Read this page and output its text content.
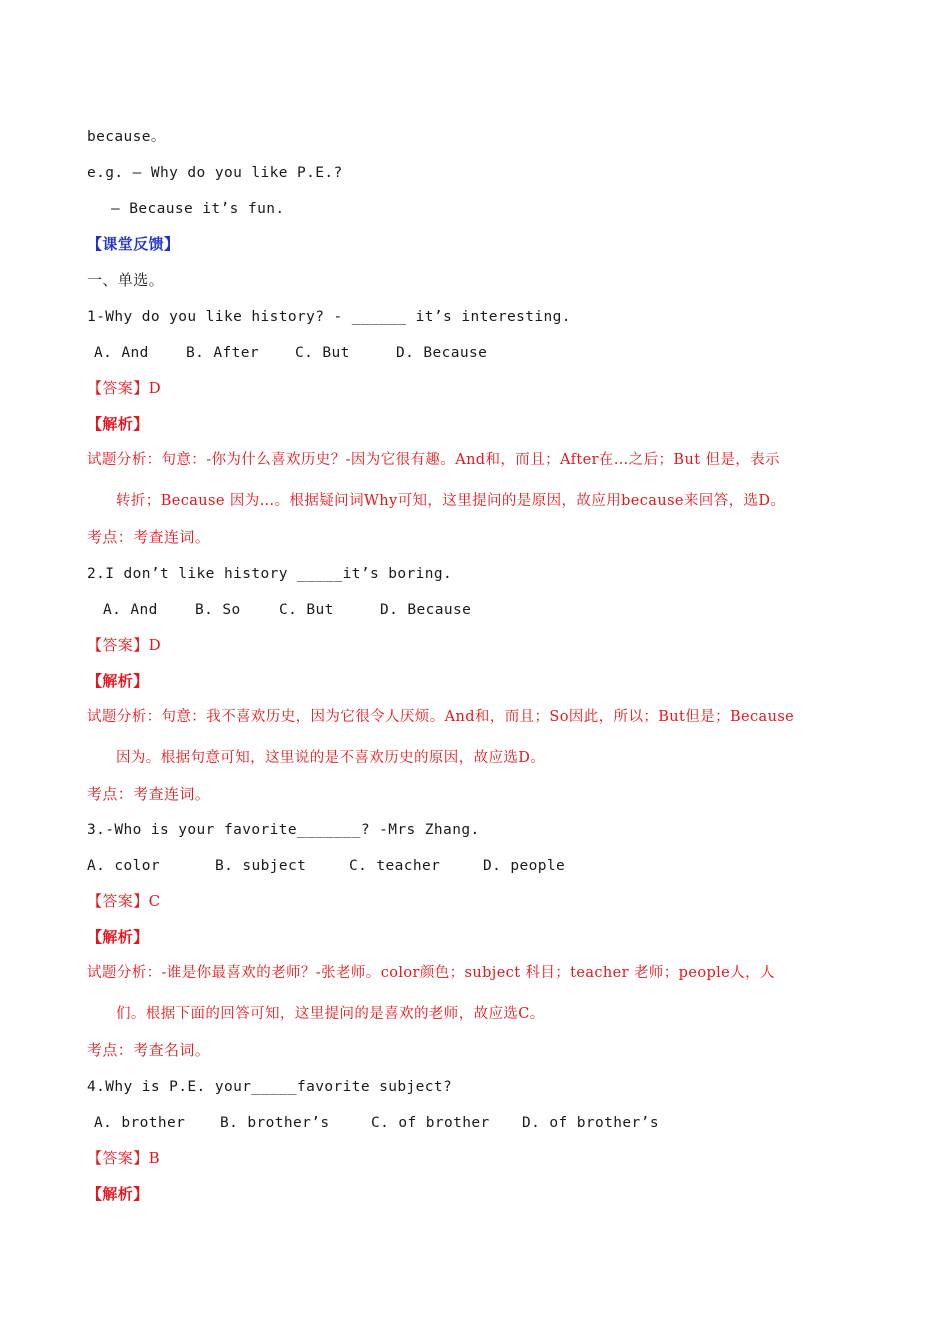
because。
e.g. — Why do you like P.E.?
— Because it’s fun.
【课堂反馈】
一、单选。
1-Why do you like history? - ______ it’s interesting.
A. And	B. After C. But	D. Because
【答案】D
【解析】
试题分析：句意：-你为什么喜欢历史？-因为它很有趣。And和，而且；After在…之后；But 但是，表示
转折；Because 因为…。根据疑问词Why可知，这里提问的是原因，故应用because来回答，选D。
考点：考查连词。
2.I don’t like history _____it’s boring.
A. And	B. So	C. But	D. Because
【答案】D
【解析】
试题分析：句意：我不喜欢历史，因为它很令人厌烦。And和，而且；So因此，所以；But但是；Because
因为。根据句意可知，这里说的是不喜欢历史的原因，故应选D。
考点：考查连词。
3.-Who is your favorite_______? -Mrs Zhang.
A. color	B. subject	C. teacher	D. people
【答案】C
【解析】
试题分析：-谁是你最喜欢的老师？-张老师。color颜色；subject 科目；teacher 老师；people人，人
们。根据下面的回答可知，这里提问的是喜欢的老师，故应选C。
考点：考查名词。
4.Why is P.E. your_____favorite subject?
A. brother B. brother’s	C. of brother D. of brother’s
【答案】B
【解析】
